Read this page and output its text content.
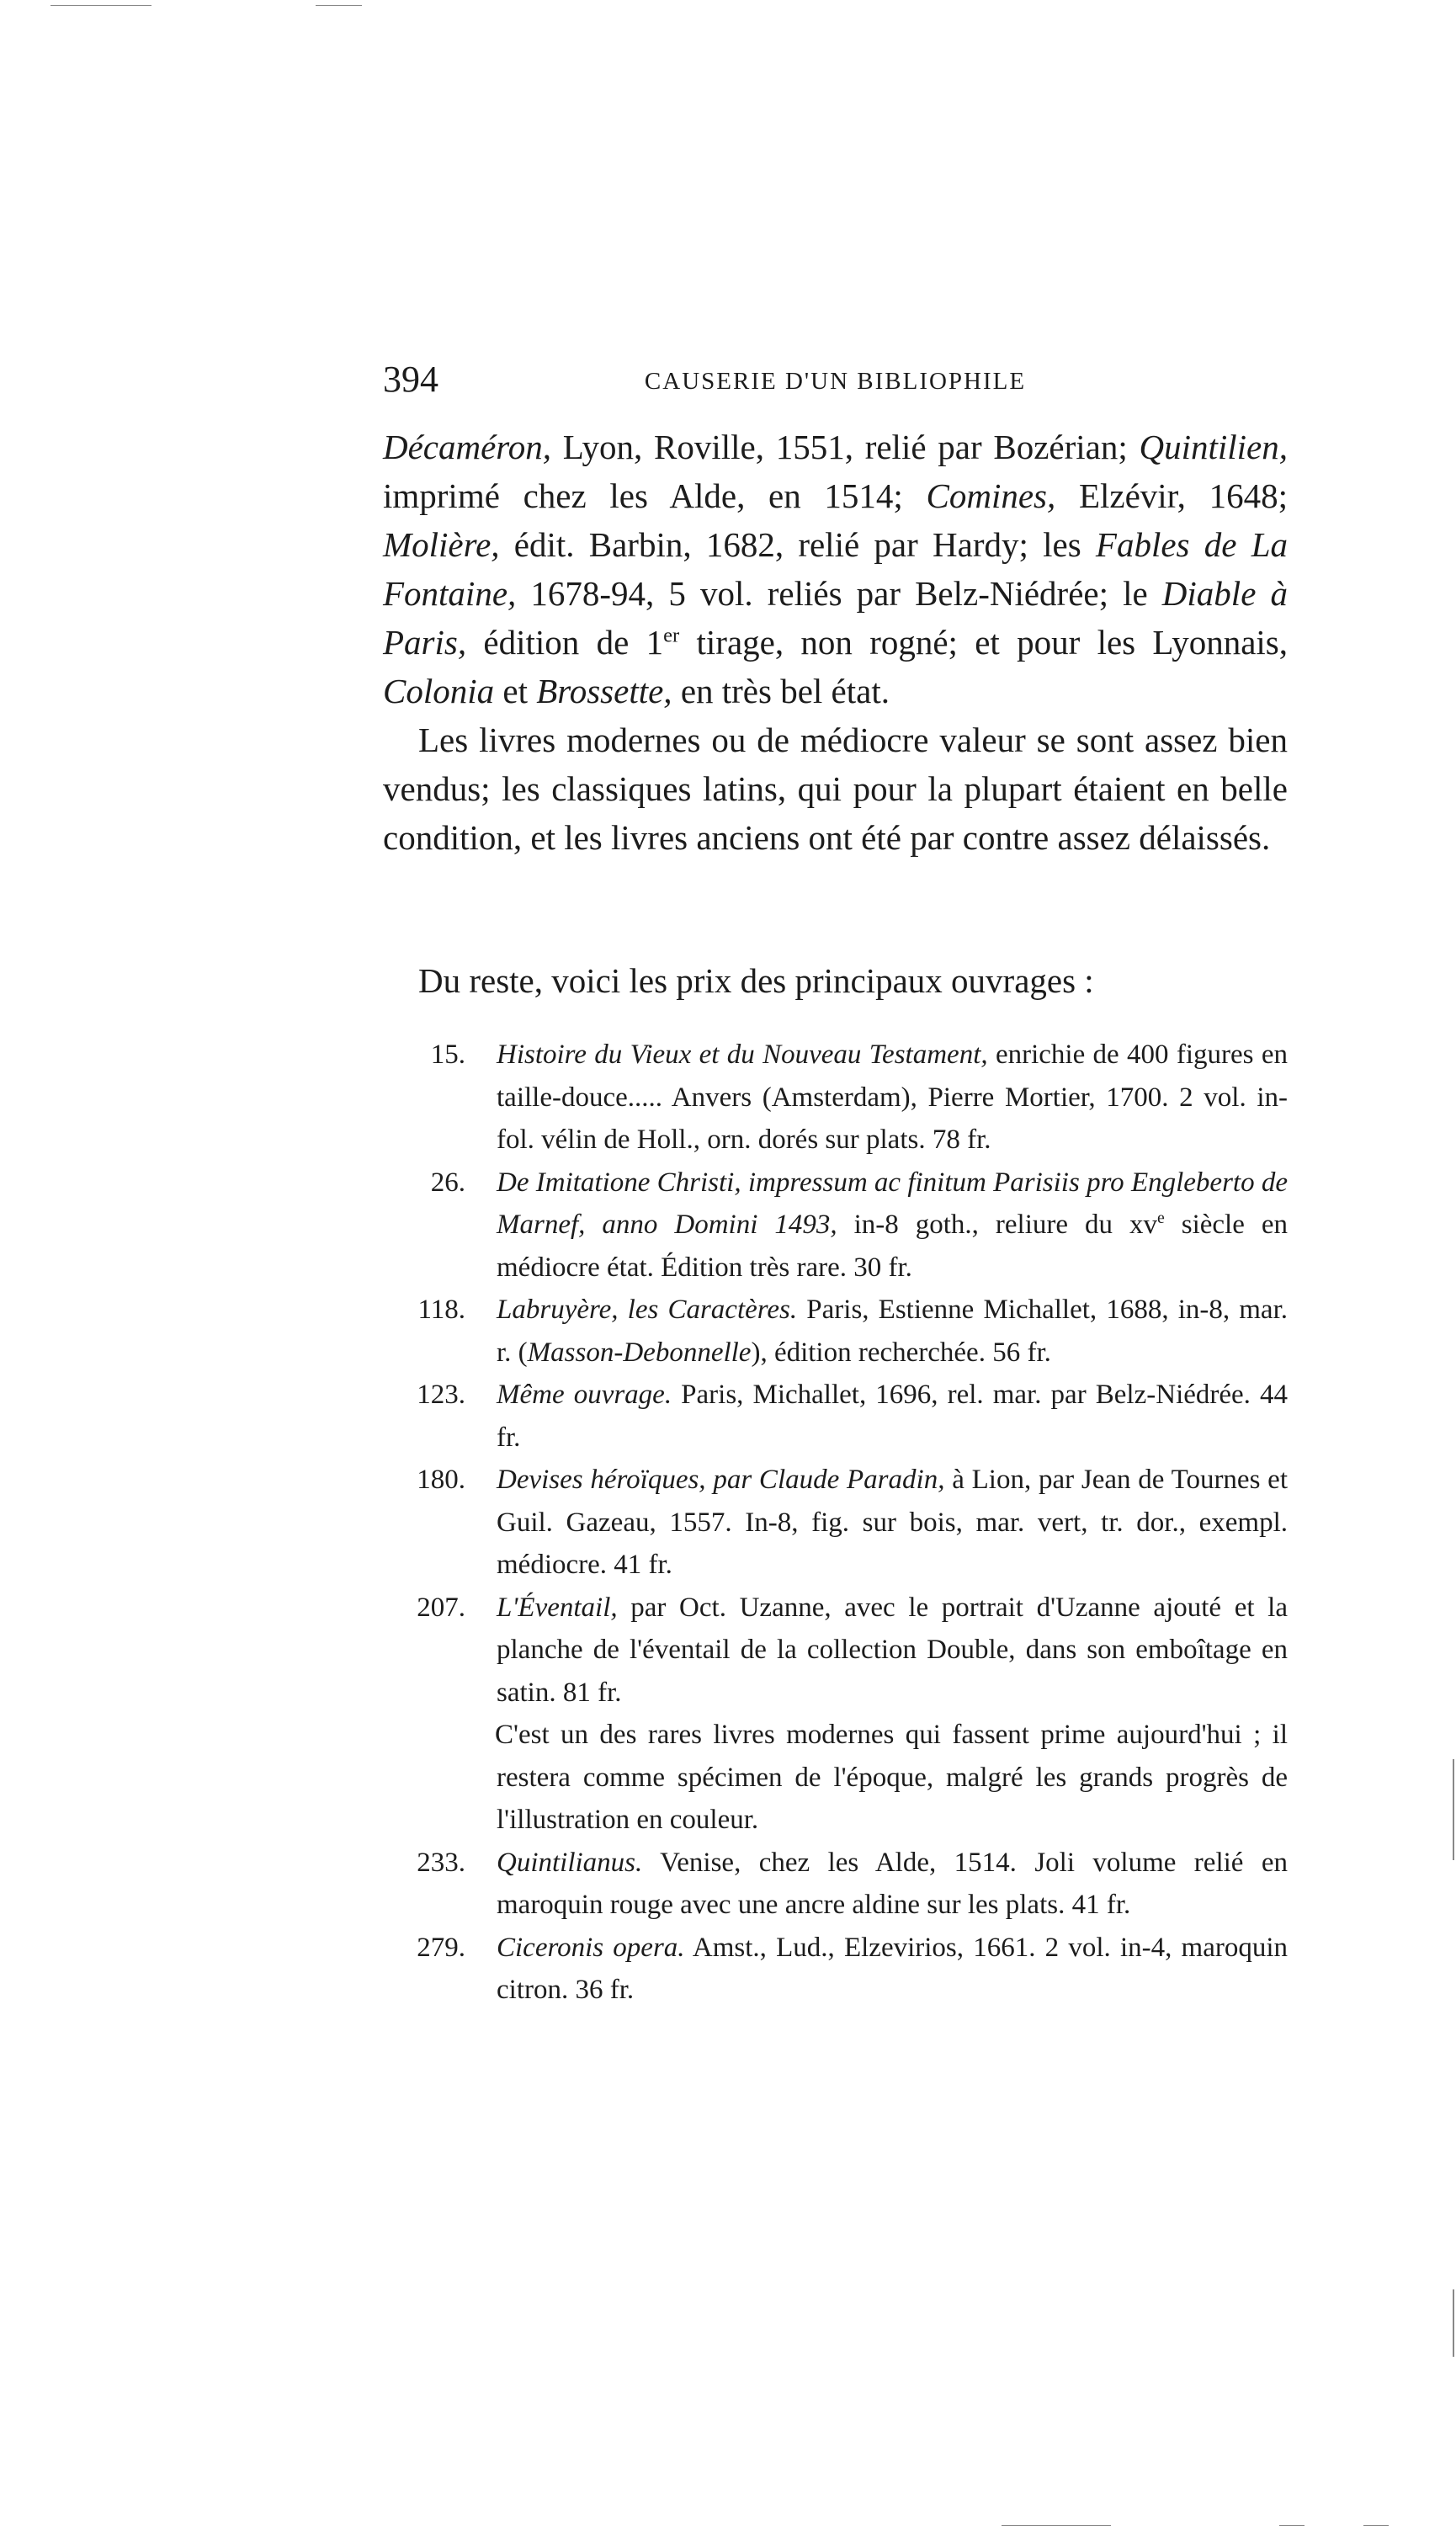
394	CAUSERIE D'UN BIBLIOPHILE

Décaméron, Lyon, Roville, 1551, relié par Bozérian; Quintilien, imprimé chez les Alde, en 1514; Comines, Elzévir, 1648; Molière, édit. Barbin, 1682, relié par Hardy; les Fables de La Fontaine, 1678-94, 5 vol. reliés par Belz-Niédrée; le Diable à Paris, édition de 1er tirage, non rogné; et pour les Lyonnais, Colonia et Brossette, en très bel état.

Les livres modernes ou de médiocre valeur se sont assez bien vendus; les classiques latins, qui pour la plupart étaient en belle condition, et les livres anciens ont été par contre assez délaissés.

Du reste, voici les prix des principaux ouvrages :
15. Histoire du Vieux et du Nouveau Testament, enrichie de 400 figures en taille-douce..... Anvers (Amsterdam), Pierre Mortier, 1700. 2 vol. in-fol. vélin de Holl., orn. dorés sur plats. 78 fr.
26. De Imitatione Christi, impressum ac finitum Parisiis pro Engleberto de Marnef, anno Domini 1493, in-8 goth., reliure du $xv^e$ siècle en médiocre état. Édition très rare. 30 fr.
118. Labruyère, les Caractères. Paris, Estienne Michallet, 1688, in-8, mar. r. (Masson-Debonnelle), édition recherchée. 56 fr.
123. Même ouvrage. Paris, Michallet, 1696, rel. mar. par Belz-Niédrée. 44 fr.
180. Devises héroïques, par Claude Paradin, à Lion, par Jean de Tournes et Guil. Gazeau, 1557. In-8, fig. sur bois, mar. vert, tr. dor., exempl. médiocre. 41 fr.
207. L'Éventail, par Oct. Uzanne, avec le portrait d'Uzanne ajouté et la planche de l'éventail de la collection Double, dans son emboîtage en satin. 81 fr.
C'est un des rares livres modernes qui fassent prime aujourd'hui ; il restera comme spécimen de l'époque, malgré les grands progrès de l'illustration en couleur.
233. Quintilianus. Venise, chez les Alde, 1514. Joli volume relié en maroquin rouge avec une ancre aldine sur les plats. 41 fr.
279. Ciceronis opera. Amst., Lud., Elzevirios, 1661. 2 vol. in-4, maroquin citron. 36 fr.
